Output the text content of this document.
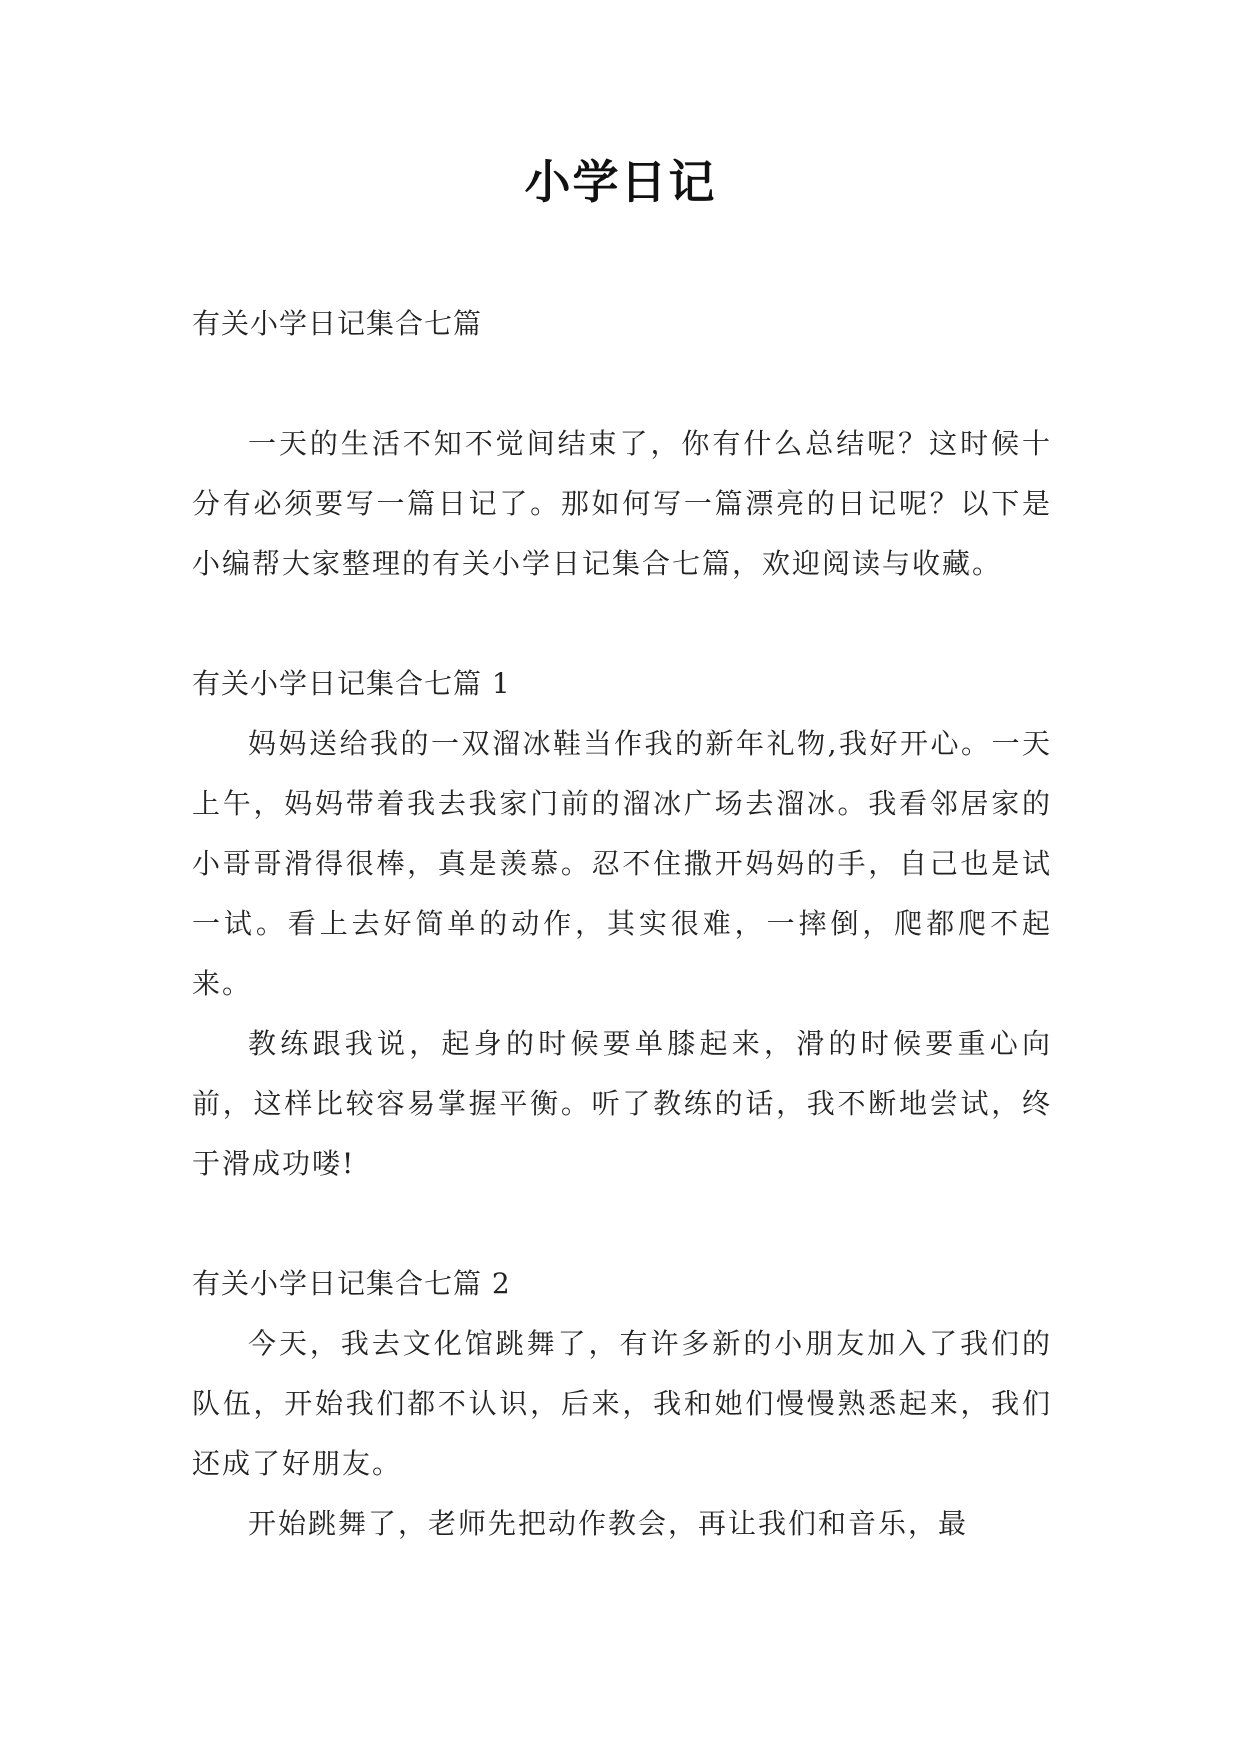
小学日记

有关小学日记集合七篇

一天的生活不知不觉间结束了，你有什么总结呢？这时候十分有必须要写一篇日记了。那如何写一篇漂亮的日记呢？以下是小编帮大家整理的有关小学日记集合七篇，欢迎阅读与收藏。

有关小学日记集合七篇 1

妈妈送给我的一双溜冰鞋当作我的新年礼物,我好开心。一天上午，妈妈带着我去我家门前的溜冰广场去溜冰。我看邻居家的小哥哥滑得很棒，真是羡慕。忍不住撒开妈妈的手，自己也是试一试。看上去好简单的动作，其实很难，一摔倒，爬都爬不起来。

教练跟我说，起身的时候要单膝起来，滑的时候要重心向前，这样比较容易掌握平衡。听了教练的话，我不断地尝试，终于滑成功喽!

有关小学日记集合七篇 2

今天，我去文化馆跳舞了，有许多新的小朋友加入了我们的队伍，开始我们都不认识，后来，我和她们慢慢熟悉起来，我们还成了好朋友。

开始跳舞了，老师先把动作教会，再让我们和音乐，最
